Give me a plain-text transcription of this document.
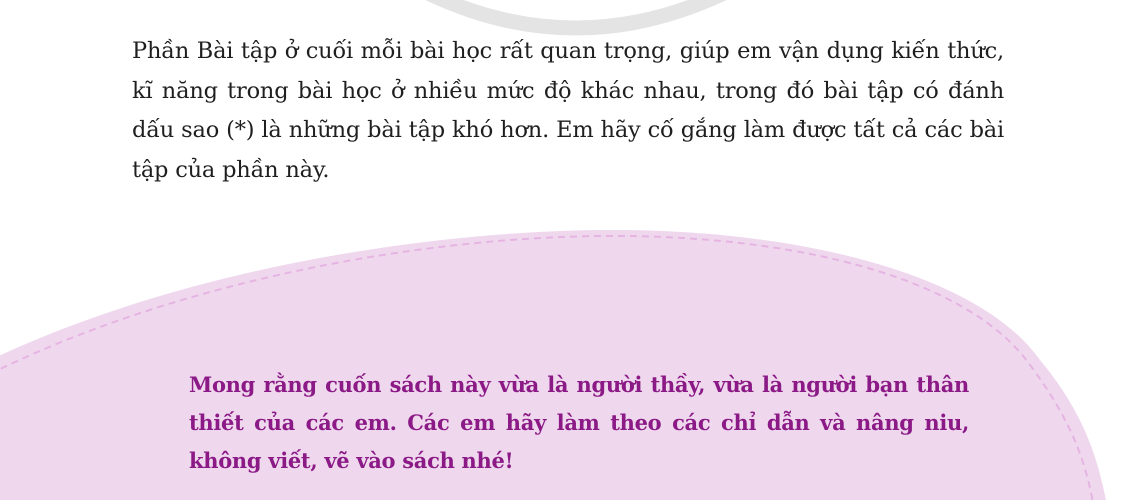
Phần Bài tập ở cuối mỗi bài học rất quan trọng, giúp em vận dụng kiến thức, kĩ năng trong bài học ở nhiều mức độ khác nhau, trong đó bài tập có đánh dấu sao (*) là những bài tập khó hơn. Em hãy cố gắng làm được tất cả các bài tập của phần này.

Mong rằng cuốn sách này vừa là người thầy, vừa là người bạn thân thiết của các em. Các em hãy làm theo các chỉ dẫn và nâng niu, không viết, vẽ vào sách nhé!
